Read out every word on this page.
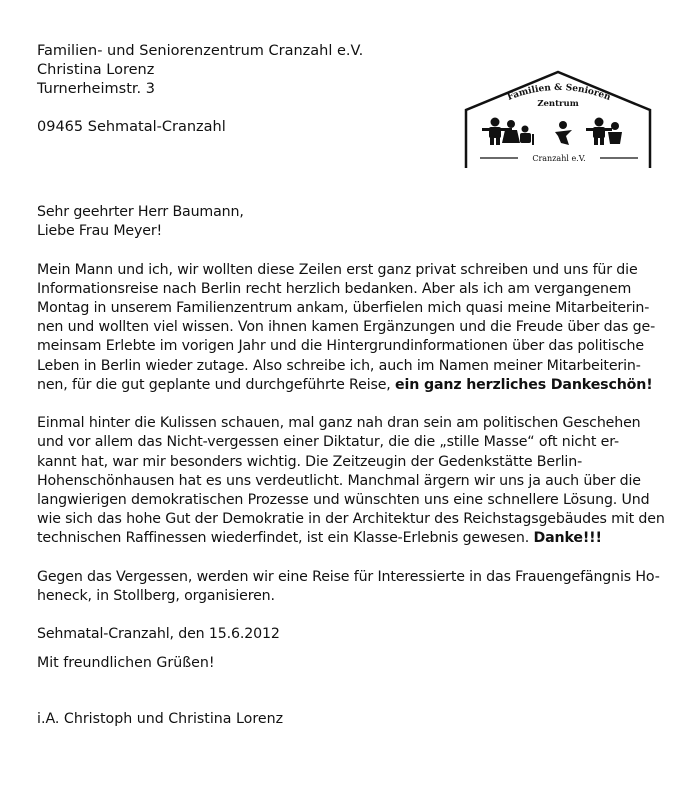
Familien- und Seniorenzentrum Cranzahl e.V.
Christina Lorenz
Turnerheimstr. 3
09465 Sehmatal-Cranzahl
Familien & Senioren
Zentrum
Cranzahl e.V.
Sehr geehrter Herr Baumann,
Liebe Frau Meyer!
Mein Mann und ich, wir wollten diese Zeilen erst ganz privat schreiben und uns für die
Informationsreise nach Berlin recht herzlich bedanken. Aber als ich am vergangenem
Montag in unserem Familienzentrum ankam, überfielen mich quasi meine Mitarbeiterin-
nen und wollten viel wissen. Von ihnen kamen Ergänzungen und die Freude über das ge-
meinsam Erlebte im vorigen Jahr und die Hintergrundinformationen über das politische
Leben in Berlin wieder zutage. Also schreibe ich, auch im Namen meiner Mitarbeiterin-
nen, für die gut geplante und durchgeführte Reise, ein ganz herzliches Dankeschön!
Einmal hinter die Kulissen schauen, mal ganz nah dran sein am politischen Geschehen
und vor allem das Nicht-vergessen einer Diktatur, die die „stille Masse“ oft nicht er-
kannt hat, war mir besonders wichtig. Die Zeitzeugin der Gedenkstätte Berlin-
Hohenschönhausen hat es uns verdeutlicht. Manchmal ärgern wir uns ja auch über die
langwierigen demokratischen Prozesse und wünschten uns eine schnellere Lösung. Und
wie sich das hohe Gut der Demokratie in der Architektur des Reichstagsgebäudes mit den
technischen Raffinessen wiederfindet, ist ein Klasse-Erlebnis gewesen. Danke!!!
Gegen das Vergessen, werden wir eine Reise für Interessierte in das Frauengefängnis Ho-
heneck, in Stollberg, organisieren.
Sehmatal-Cranzahl, den 15.6.2012
Mit freundlichen Grüßen!
i.A. Christoph und Christina Lorenz
